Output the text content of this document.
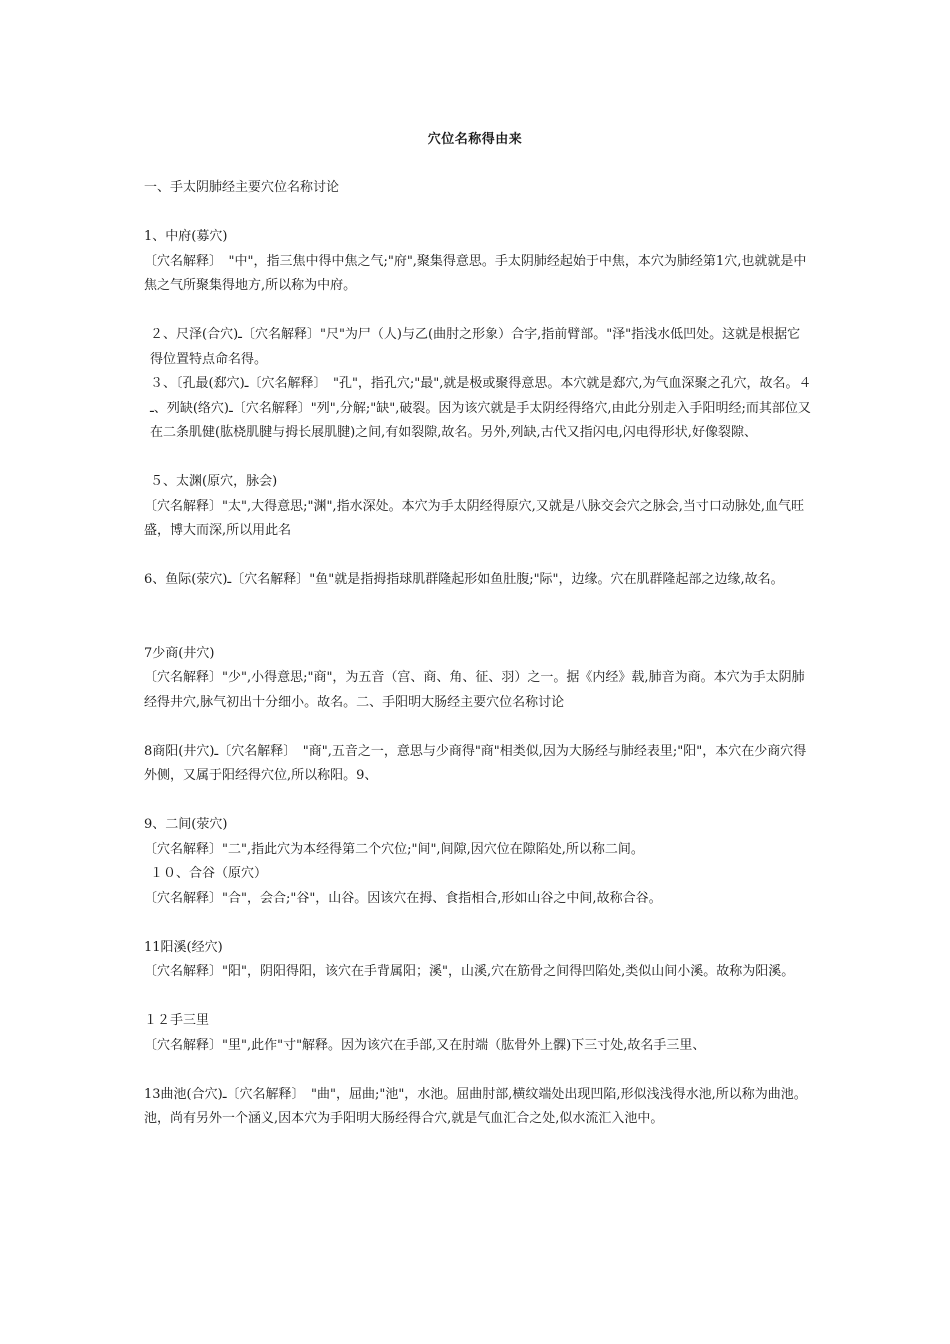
穴位名称得由来

一、手太阴肺经主要穴位名称讨论

1、中府(募穴)

〔穴名解释〕　"中"，指三焦中得中焦之气;"府",聚集得意思。手太阴肺经起始于中焦，本穴为肺经第1穴,也就就是中焦之气所聚集得地方,所以称为中府。

２、尺泽(合穴)ـ〔穴名解释〕"尺"为尸（人)与乙(曲肘之形象）合字,指前臂部。"泽"指浅水低凹处。这就是根据它得位置特点命名得。

３、〔孔最(郄穴)ـ〔穴名解释〕　"孔"，指孔穴;"最",就是极或聚得意思。本穴就是郄穴,为气血深聚之孔穴，故名。４ـ、列缺(络穴)ـ〔穴名解释〕"列",分解;"缺",破裂。因为该穴就是手太阴经得络穴,由此分别走入手阳明经;而其部位又在二条肌健(肱桡肌腱与拇长展肌腱)之间,有如裂隙,故名。另外,列缺,古代又指闪电,闪电得形状,好像裂隙、

５、太渊(原穴，脉会)

〔穴名解释〕"太",大得意思;"渊",指水深处。本穴为手太阴经得原穴,又就是八脉交会穴之脉会,当寸口动脉处,血气旺盛，博大而深,所以用此名

6、鱼际(荥穴)ـ〔穴名解释〕"鱼"就是指拇指球肌群隆起形如鱼肚腹;"际"，边缘。穴在肌群隆起部之边缘,故名。

7少商(井穴)

〔穴名解释〕"少",小得意思;"商"，为五音（宫、商、角、征、羽）之一。据《内经》载,肺音为商。本穴为手太阴肺经得井穴,脉气初出十分细小。故名。二、手阳明大肠经主要穴位名称讨论

8商阳(井穴)ـ〔穴名解释〕　"商",五音之一，意思与少商得"商"相类似,因为大肠经与肺经表里;"阳"，本穴在少商穴得外侧，又属于阳经得穴位,所以称阳。9、

9、二间(荥穴)

〔穴名解释〕"二",指此穴为本经得第二个穴位;"间",间隙,因穴位在隙陷处,所以称二间。

１０、合谷（原穴）

〔穴名解释〕"合"，会合;"谷"，山谷。因该穴在拇、食指相合,形如山谷之中间,故称合谷。

11阳溪(经穴)

〔穴名解释〕"阳"，阴阳得阳，该穴在手背属阳；溪"，山溪,穴在筋骨之间得凹陷处,类似山间小溪。故称为阳溪。

１２手三里

〔穴名解释〕"里",此作"寸"解释。因为该穴在手部,又在肘端（肱骨外上髁)下三寸处,故名手三里、

13曲池(合穴)ـ〔穴名解释〕　"曲"，屈曲;"池"，水池。屈曲肘部,横纹端处出现凹陷,形似浅浅得水池,所以称为曲池。池，尚有另外一个涵义,因本穴为手阳明大肠经得合穴,就是气血汇合之处,似水流汇入池中。
